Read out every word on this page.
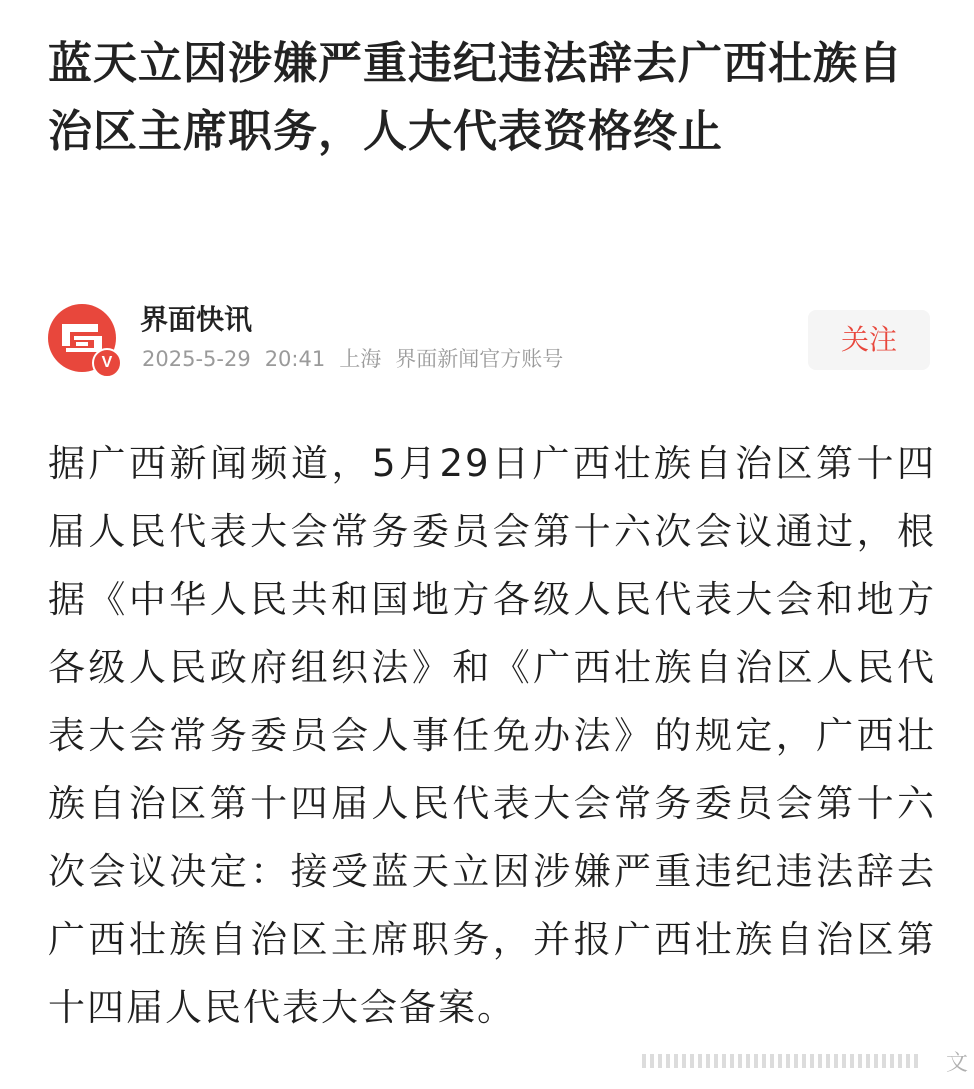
蓝天立因涉嫌严重违纪违法辞去广西壮族自治区主席职务，人大代表资格终止
V
界面快讯
2025-5-29 20:41 上海 界面新闻官方账号
关注

据广西新闻频道，5月29日广西壮族自治区第十四届人民代表大会常务委员会第十六次会议通过，根据《中华人民共和国地方各级人民代表大会和地方各级人民政府组织法》和《广西壮族自治区人民代表大会常务委员会人事任免办法》的规定，广西壮族自治区第十四届人民代表大会常务委员会第十六次会议决定：接受蓝天立因涉嫌严重违纪违法辞去广西壮族自治区主席职务，并报广西壮族自治区第十四届人民代表大会备案。

文
